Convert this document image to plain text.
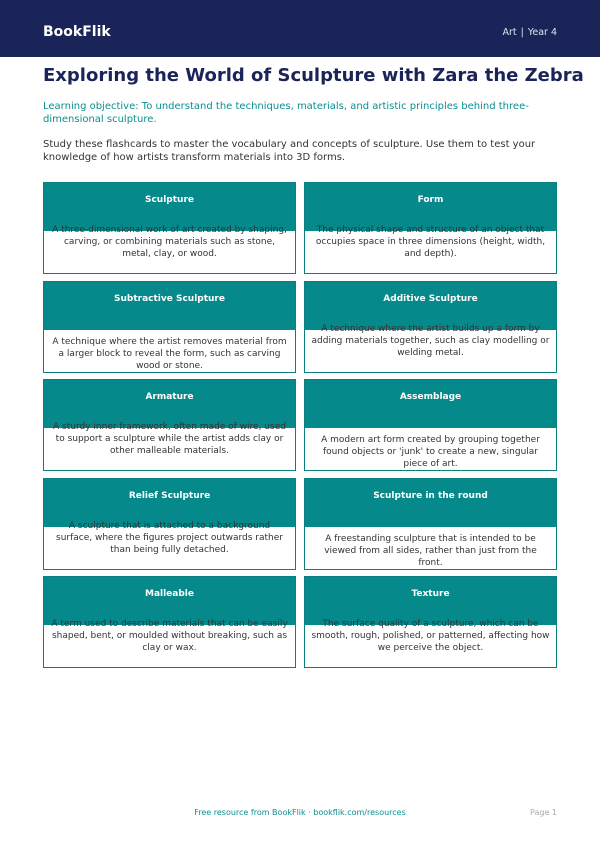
BookFlik	Art | Year 4
Exploring the World of Sculpture with Zara the Zebra

Learning objective: To understand the techniques, materials, and artistic principles behind three-dimensional sculpture.

Study these flashcards to master the vocabulary and concepts of sculpture. Use them to test your knowledge of how artists transform materials into 3D forms.

Sculpture
A three-dimensional work of art created by shaping, carving, or combining materials such as stone, metal, clay, or wood.
Form
The physical shape and structure of an object that occupies space in three dimensions (height, width, and depth).
Subtractive Sculpture
A technique where the artist removes material from a larger block to reveal the form, such as carving wood or stone.
Additive Sculpture
A technique where the artist builds up a form by adding materials together, such as clay modelling or welding metal.
Armature
A sturdy inner framework, often made of wire, used to support a sculpture while the artist adds clay or other malleable materials.
Assemblage
A modern art form created by grouping together found objects or 'junk' to create a new, singular piece of art.
Relief Sculpture
A sculpture that is attached to a background surface, where the figures project outwards rather than being fully detached.
Sculpture in the round
A freestanding sculpture that is intended to be viewed from all sides, rather than just from the front.
Malleable
A term used to describe materials that can be easily shaped, bent, or moulded without breaking, such as clay or wax.
Texture
The surface quality of a sculpture, which can be smooth, rough, polished, or patterned, affecting how we perceive the object.
Free resource from BookFlik · bookflik.com/resources	Page 1
